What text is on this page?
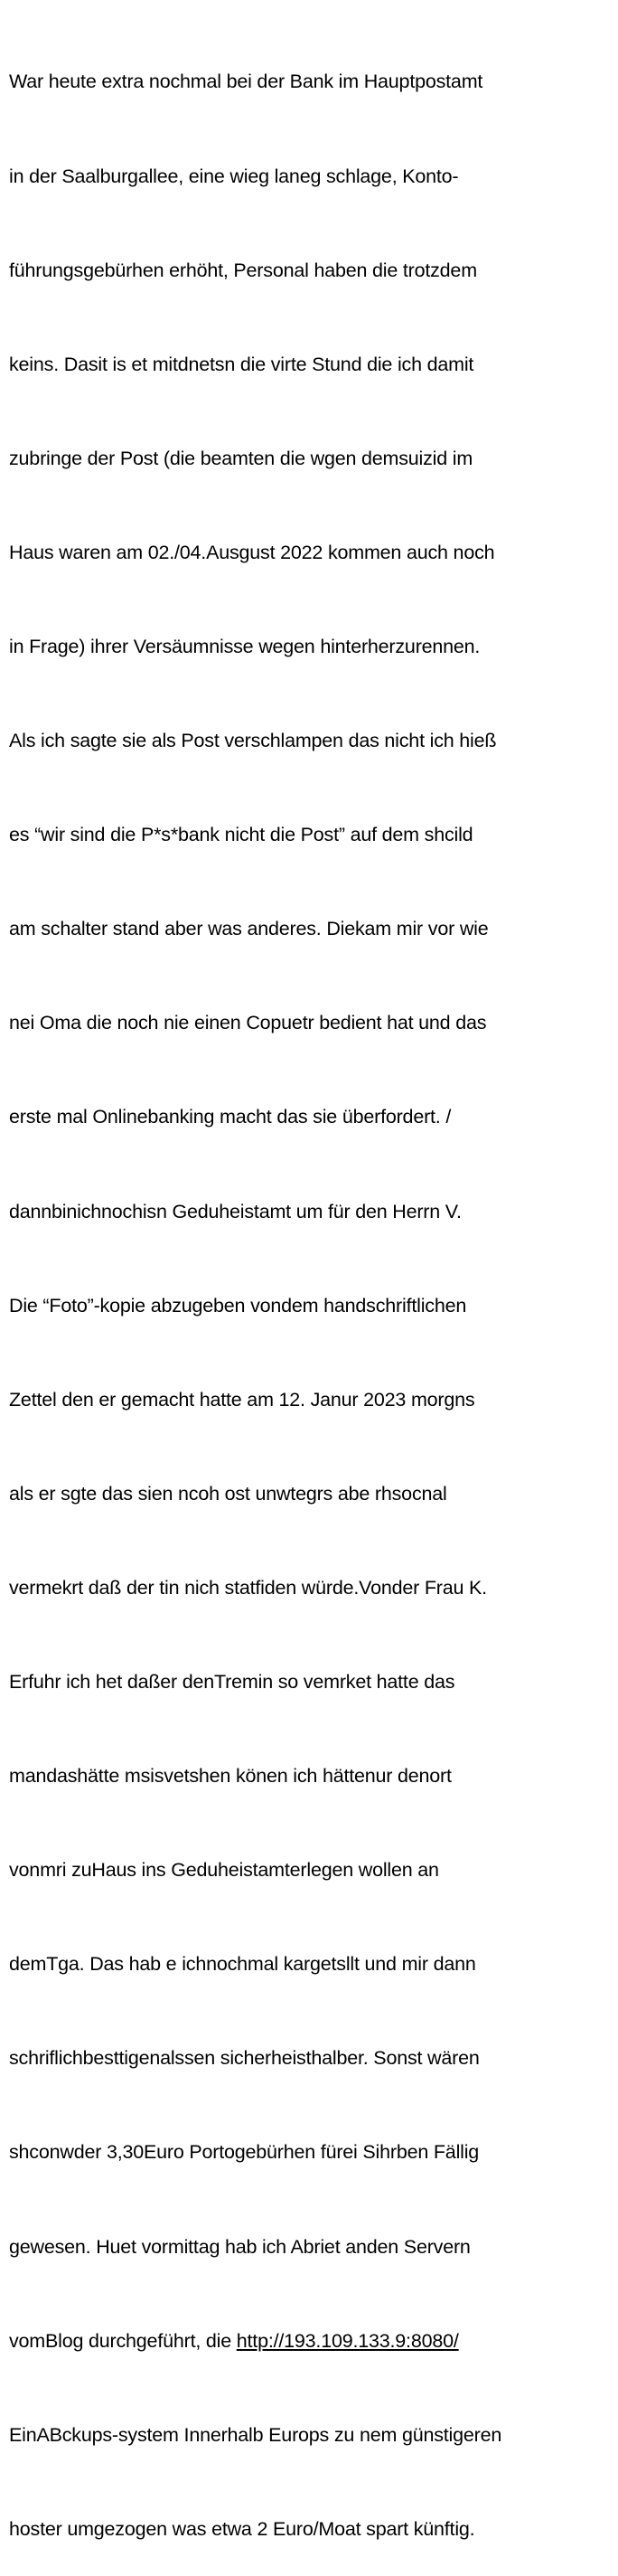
War heute extra nochmal bei der Bank im Hauptpostamt

in der Saalburgallee, eine wieg laneg schlage, Konto-

führungsgebürhen erhöht, Personal haben die trotzdem

keins. Dasit is et mitdnetsn die virte Stund die ich damit

zubringe der Post (die beamten die wgen demsuizid im

Haus waren am 02./04.Ausgust 2022 kommen auch noch

in Frage) ihrer Versäumnisse wegen hinterherzurennen.

Als ich sagte sie als Post verschlampen das nicht ich hieß

es “wir sind die P*s*bank nicht die Post” auf dem shcild

am schalter stand aber was anderes. Diekam mir vor wie

nei Oma die noch nie einen Copuetr bedient hat und das

erste mal Onlinebanking macht das sie überfordert. /

dannbinichnochisn Geduheistamt um für den Herrn V.

Die “Foto”-kopie abzugeben vondem handschriftlichen

Zettel den er gemacht hatte am 12. Janur 2023 morgns

als er sgte das sien ncoh ost unwtegrs abe rhsocnal

vermekrt daß der tin nich statfiden würde.Vonder Frau K.

Erfuhr ich het daßer denTremin so vemrket hatte das

mandashätte msisvetshen könen ich hättenur denort

vonmri zuHaus ins Geduheistamterlegen wollen an

demTga. Das hab e ichnochmal kargetsllt und mir dann

schriflichbesttigenalssen sicherheisthalber. Sonst wären

shconwder 3,30Euro Portogebürhen fürei Sihrben Fällig

gewesen. Huet vormittag hab ich Abriet anden Servern

vomBlog durchgeführt, die http://193.109.133.9:8080/

EinABckups-system Innerhalb Europs zu nem günstigeren

hoster umgezogen was etwa 2 Euro/Moat spart künftig.
